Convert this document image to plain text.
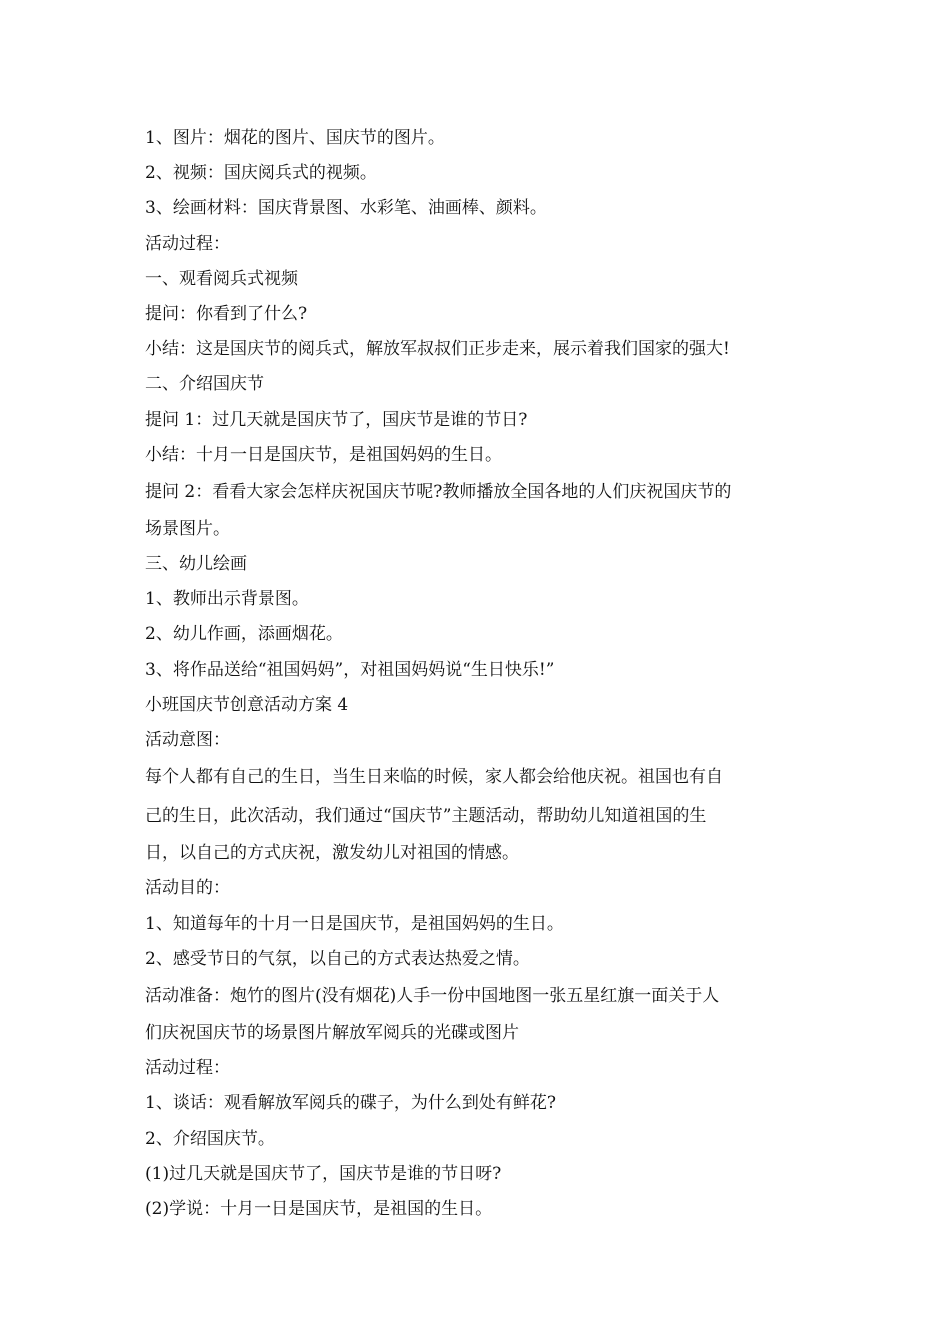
1、图片：烟花的图片、国庆节的图片。
2、视频：国庆阅兵式的视频。
3、绘画材料：国庆背景图、水彩笔、油画棒、颜料。
活动过程：
一、观看阅兵式视频
提问：你看到了什么?
小结：这是国庆节的阅兵式，解放军叔叔们正步走来，展示着我们国家的强大!
二、介绍国庆节
提问 1：过几天就是国庆节了，国庆节是谁的节日?
小结：十月一日是国庆节，是祖国妈妈的生日。
提问 2：看看大家会怎样庆祝国庆节呢?教师播放全国各地的人们庆祝国庆节的
场景图片。
三、幼儿绘画
1、教师出示背景图。
2、幼儿作画，添画烟花。
3、将作品送给“祖国妈妈”，对祖国妈妈说“生日快乐!”
小班国庆节创意活动方案 4
活动意图：
每个人都有自己的生日，当生日来临的时候，家人都会给他庆祝。祖国也有自
己的生日，此次活动，我们通过“国庆节”主题活动，帮助幼儿知道祖国的生
日，以自己的方式庆祝，激发幼儿对祖国的情感。
活动目的：
1、知道每年的十月一日是国庆节，是祖国妈妈的生日。
2、感受节日的气氛，以自己的方式表达热爱之情。
活动准备：炮竹的图片(没有烟花)人手一份中国地图一张五星红旗一面关于人
们庆祝国庆节的场景图片解放军阅兵的光碟或图片
活动过程：
1、谈话：观看解放军阅兵的碟子，为什么到处有鲜花?
2、介绍国庆节。
(1)过几天就是国庆节了，国庆节是谁的节日呀?
(2)学说：十月一日是国庆节，是祖国的生日。
